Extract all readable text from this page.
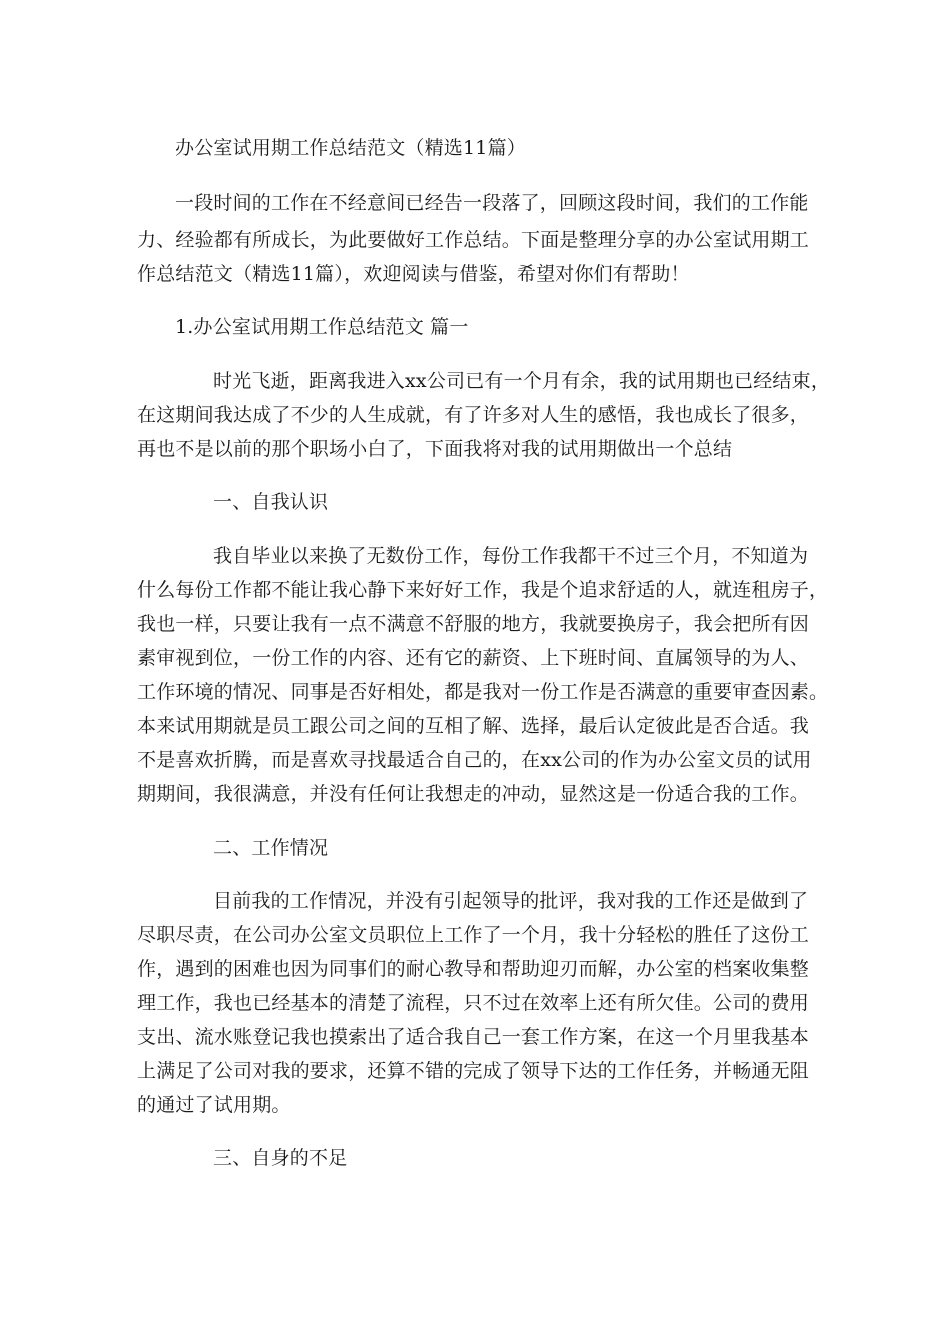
办公室试用期工作总结范文（精选11篇）
一段时间的工作在不经意间已经告一段落了，回顾这段时间，我们的工作能
力、经验都有所成长，为此要做好工作总结。下面是整理分享的办公室试用期工
作总结范文（精选11篇），欢迎阅读与借鉴，希望对你们有帮助！
1.办公室试用期工作总结范文 篇一
时光飞逝，距离我进入xx公司已有一个月有余，我的试用期也已经结束，
在这期间我达成了不少的人生成就，有了许多对人生的感悟，我也成长了很多，
再也不是以前的那个职场小白了，下面我将对我的试用期做出一个总结
一、自我认识
我自毕业以来换了无数份工作，每份工作我都干不过三个月，不知道为
什么每份工作都不能让我心静下来好好工作，我是个追求舒适的人，就连租房子，
我也一样，只要让我有一点不满意不舒服的地方，我就要换房子，我会把所有因
素审视到位，一份工作的内容、还有它的薪资、上下班时间、直属领导的为人、
工作环境的情况、同事是否好相处，都是我对一份工作是否满意的重要审查因素。
本来试用期就是员工跟公司之间的互相了解、选择，最后认定彼此是否合适。我
不是喜欢折腾，而是喜欢寻找最适合自己的，在xx公司的作为办公室文员的试用
期期间，我很满意，并没有任何让我想走的冲动，显然这是一份适合我的工作。
二、工作情况
目前我的工作情况，并没有引起领导的批评，我对我的工作还是做到了
尽职尽责，在公司办公室文员职位上工作了一个月，我十分轻松的胜任了这份工
作，遇到的困难也因为同事们的耐心教导和帮助迎刃而解，办公室的档案收集整
理工作，我也已经基本的清楚了流程，只不过在效率上还有所欠佳。公司的费用
支出、流水账登记我也摸索出了适合我自己一套工作方案，在这一个月里我基本
上满足了公司对我的要求，还算不错的完成了领导下达的工作任务，并畅通无阻
的通过了试用期。
三、自身的不足
